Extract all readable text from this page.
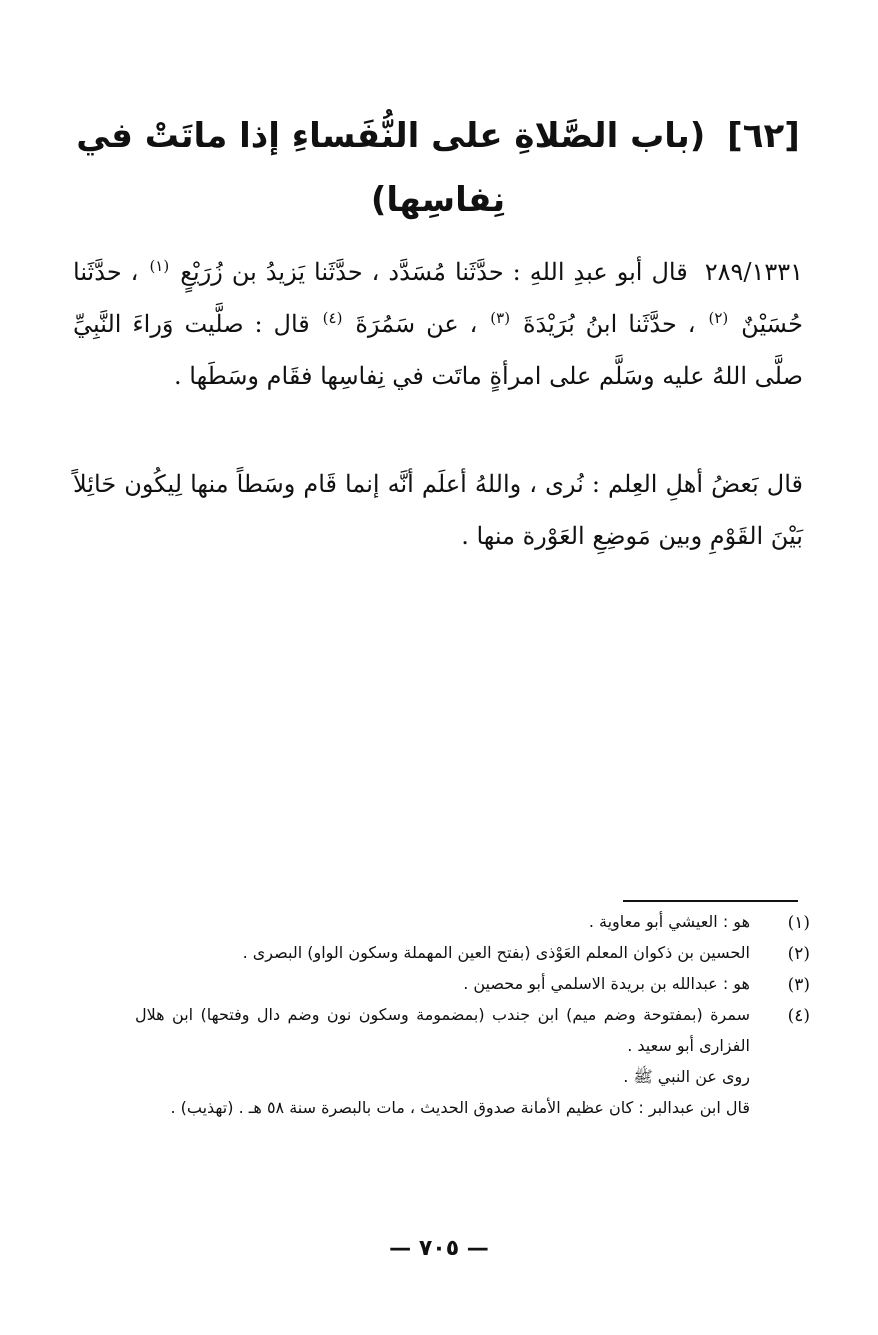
[٦٢] (باب الصَّلاةِ على النُّفَساءِ إذا ماتَتْ في نِفاسِها)

٢٨٩/١٣٣١ قال أبو عبدِ اللهِ : حدَّثَنا مُسَدَّد ، حدَّثَنا يَزيدُ بن زُرَيْعٍ $^{(١)}$ ، حدَّثَنا حُسَيْنٌ $^{(٢)}$ ، حدَّثَنا ابنُ بُرَيْدَةَ $^{(٣)}$ ، عن سَمُرَةَ $^{(٤)}$ قال : صلَّيت وَراءَ النَّبِيِّ صلَّى اللهُ عليه وسَلَّم على امرأةٍ ماتَت في نِفاسِها فقَام وسَطَها .

قال بَعضُ أهلِ العِلم : نُرى ، واللهُ أعلَم أنَّه إنما قَام وسَطاً منها لِيكُون حَائِلاً بَيْنَ القَوْمِ وبين مَوضِعِ العَوْرة منها .

(١)
هو : العيشي أبو معاوية .
(٢)
الحسين بن ذكوان المعلم العَوْذى (بفتح العين المهملة وسكون الواو) البصرى .
(٣)
هو : عبدالله بن بريدة الاسلمي أبو محصين .
(٤)
سمرة (بمفتوحة وضم ميم) ابن جندب (بمضمومة وسكون نون وضم دال وفتحها) ابن هلال الفزارى أبو سعيد .
روى عن النبي ﷺ .
قال ابن عبدالبر : كان عظيم الأمانة صدوق الحديث ، مات بالبصرة سنة ٥٨ هـ . (تهذيب) .
— ٧٠٥ —
